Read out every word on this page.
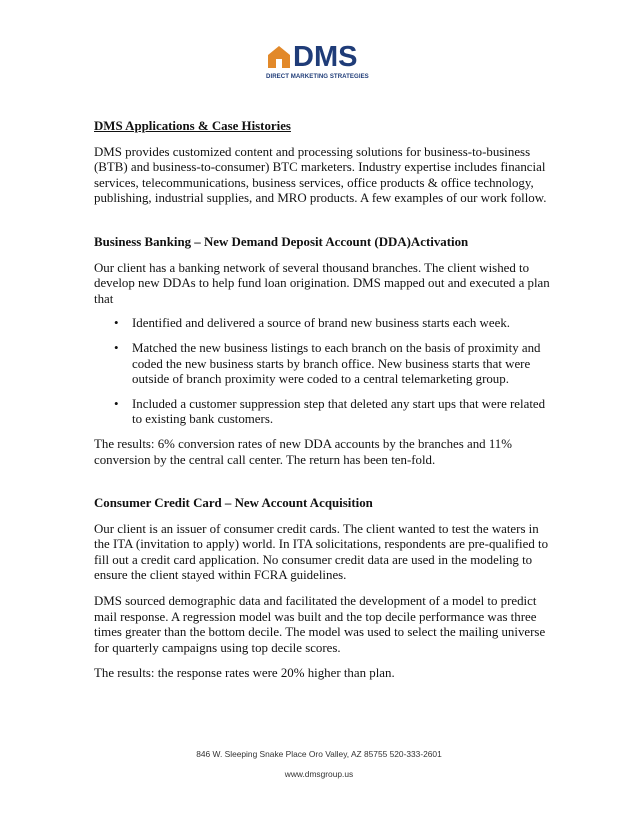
DMS
DIRECT MARKETING STRATEGIES
DMS Applications & Case Histories

DMS provides customized content and processing solutions for business-to-business (BTB) and business-to-consumer) BTC marketers. Industry expertise includes financial services, telecommunications, business services, office products & office technology, publishing, industrial supplies, and MRO products. A few examples of our work follow.

Business Banking – New Demand Deposit Account (DDA)Activation

Our client has a banking network of several thousand branches. The client wished to develop new DDAs to help fund loan origination. DMS mapped out and executed a plan that

• Identified and delivered a source of brand new business starts each week.
• Matched the new business listings to each branch on the basis of proximity and coded the new business starts by branch office. New business starts that were outside of branch proximity were coded to a central telemarketing group.
• Included a customer suppression step that deleted any start ups that were related to existing bank customers.

The results: 6% conversion rates of new DDA accounts by the branches and 11% conversion by the central call center. The return has been ten-fold.

Consumer Credit Card – New Account Acquisition

Our client is an issuer of consumer credit cards. The client wanted to test the waters in the ITA (invitation to apply) world. In ITA solicitations, respondents are pre-qualified to fill out a credit card application. No consumer credit data are used in the modeling to ensure the client stayed within FCRA guidelines.

DMS sourced demographic data and facilitated the development of a model to predict mail response. A regression model was built and the top decile performance was three times greater than the bottom decile. The model was used to select the mailing universe for quarterly campaigns using top decile scores.

The results: the response rates were 20% higher than plan.

846 W. Sleeping Snake Place Oro Valley, AZ 85755 520-333-2601
www.dmsgroup.us
